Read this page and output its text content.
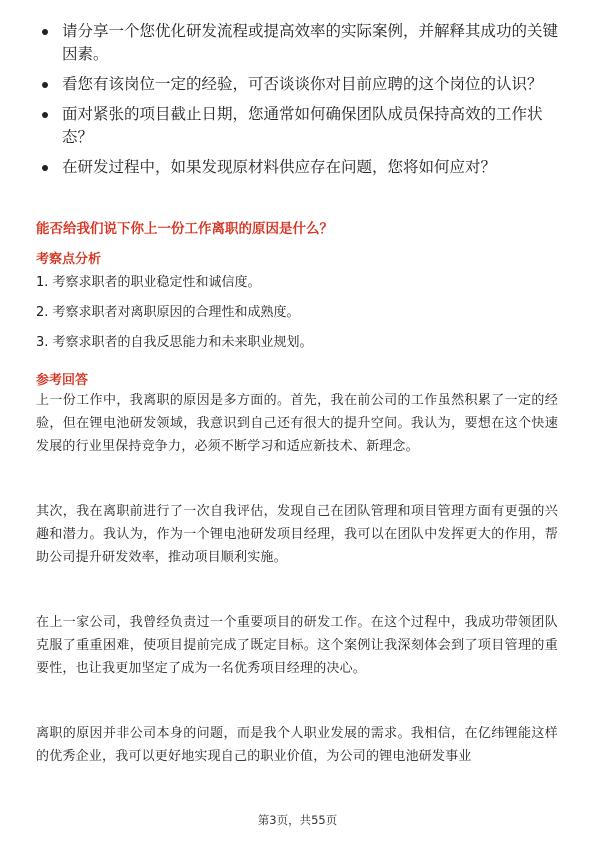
请分享一个您优化研发流程或提高效率的实际案例，并解释其成功的关键因素。
看您有该岗位一定的经验，可否谈谈你对目前应聘的这个岗位的认识？
面对紧张的项目截止日期，您通常如何确保团队成员保持高效的工作状态？
在研发过程中，如果发现原材料供应存在问题，您将如何应对？
能否给我们说下你上一份工作离职的原因是什么？
考察点分析
1. 考察求职者的职业稳定性和诚信度。
2. 考察求职者对离职原因的合理性和成熟度。
3. 考察求职者的自我反思能力和未来职业规划。
参考回答

上一份工作中，我离职的原因是多方面的。首先，我在前公司的工作虽然积累了一定的经验，但在锂电池研发领域，我意识到自己还有很大的提升空间。我认为，要想在这个快速发展的行业里保持竞争力，必须不断学习和适应新技术、新理念。

其次，我在离职前进行了一次自我评估，发现自己在团队管理和项目管理方面有更强的兴趣和潜力。我认为，作为一个锂电池研发项目经理，我可以在团队中发挥更大的作用，帮助公司提升研发效率，推动项目顺利实施。

在上一家公司，我曾经负责过一个重要项目的研发工作。在这个过程中，我成功带领团队克服了重重困难，使项目提前完成了既定目标。这个案例让我深刻体会到了项目管理的重要性，也让我更加坚定了成为一名优秀项目经理的决心。

离职的原因并非公司本身的问题，而是我个人职业发展的需求。我相信，在亿纬锂能这样的优秀企业，我可以更好地实现自己的职业价值，为公司的锂电池研发事业

第3页，共55页
